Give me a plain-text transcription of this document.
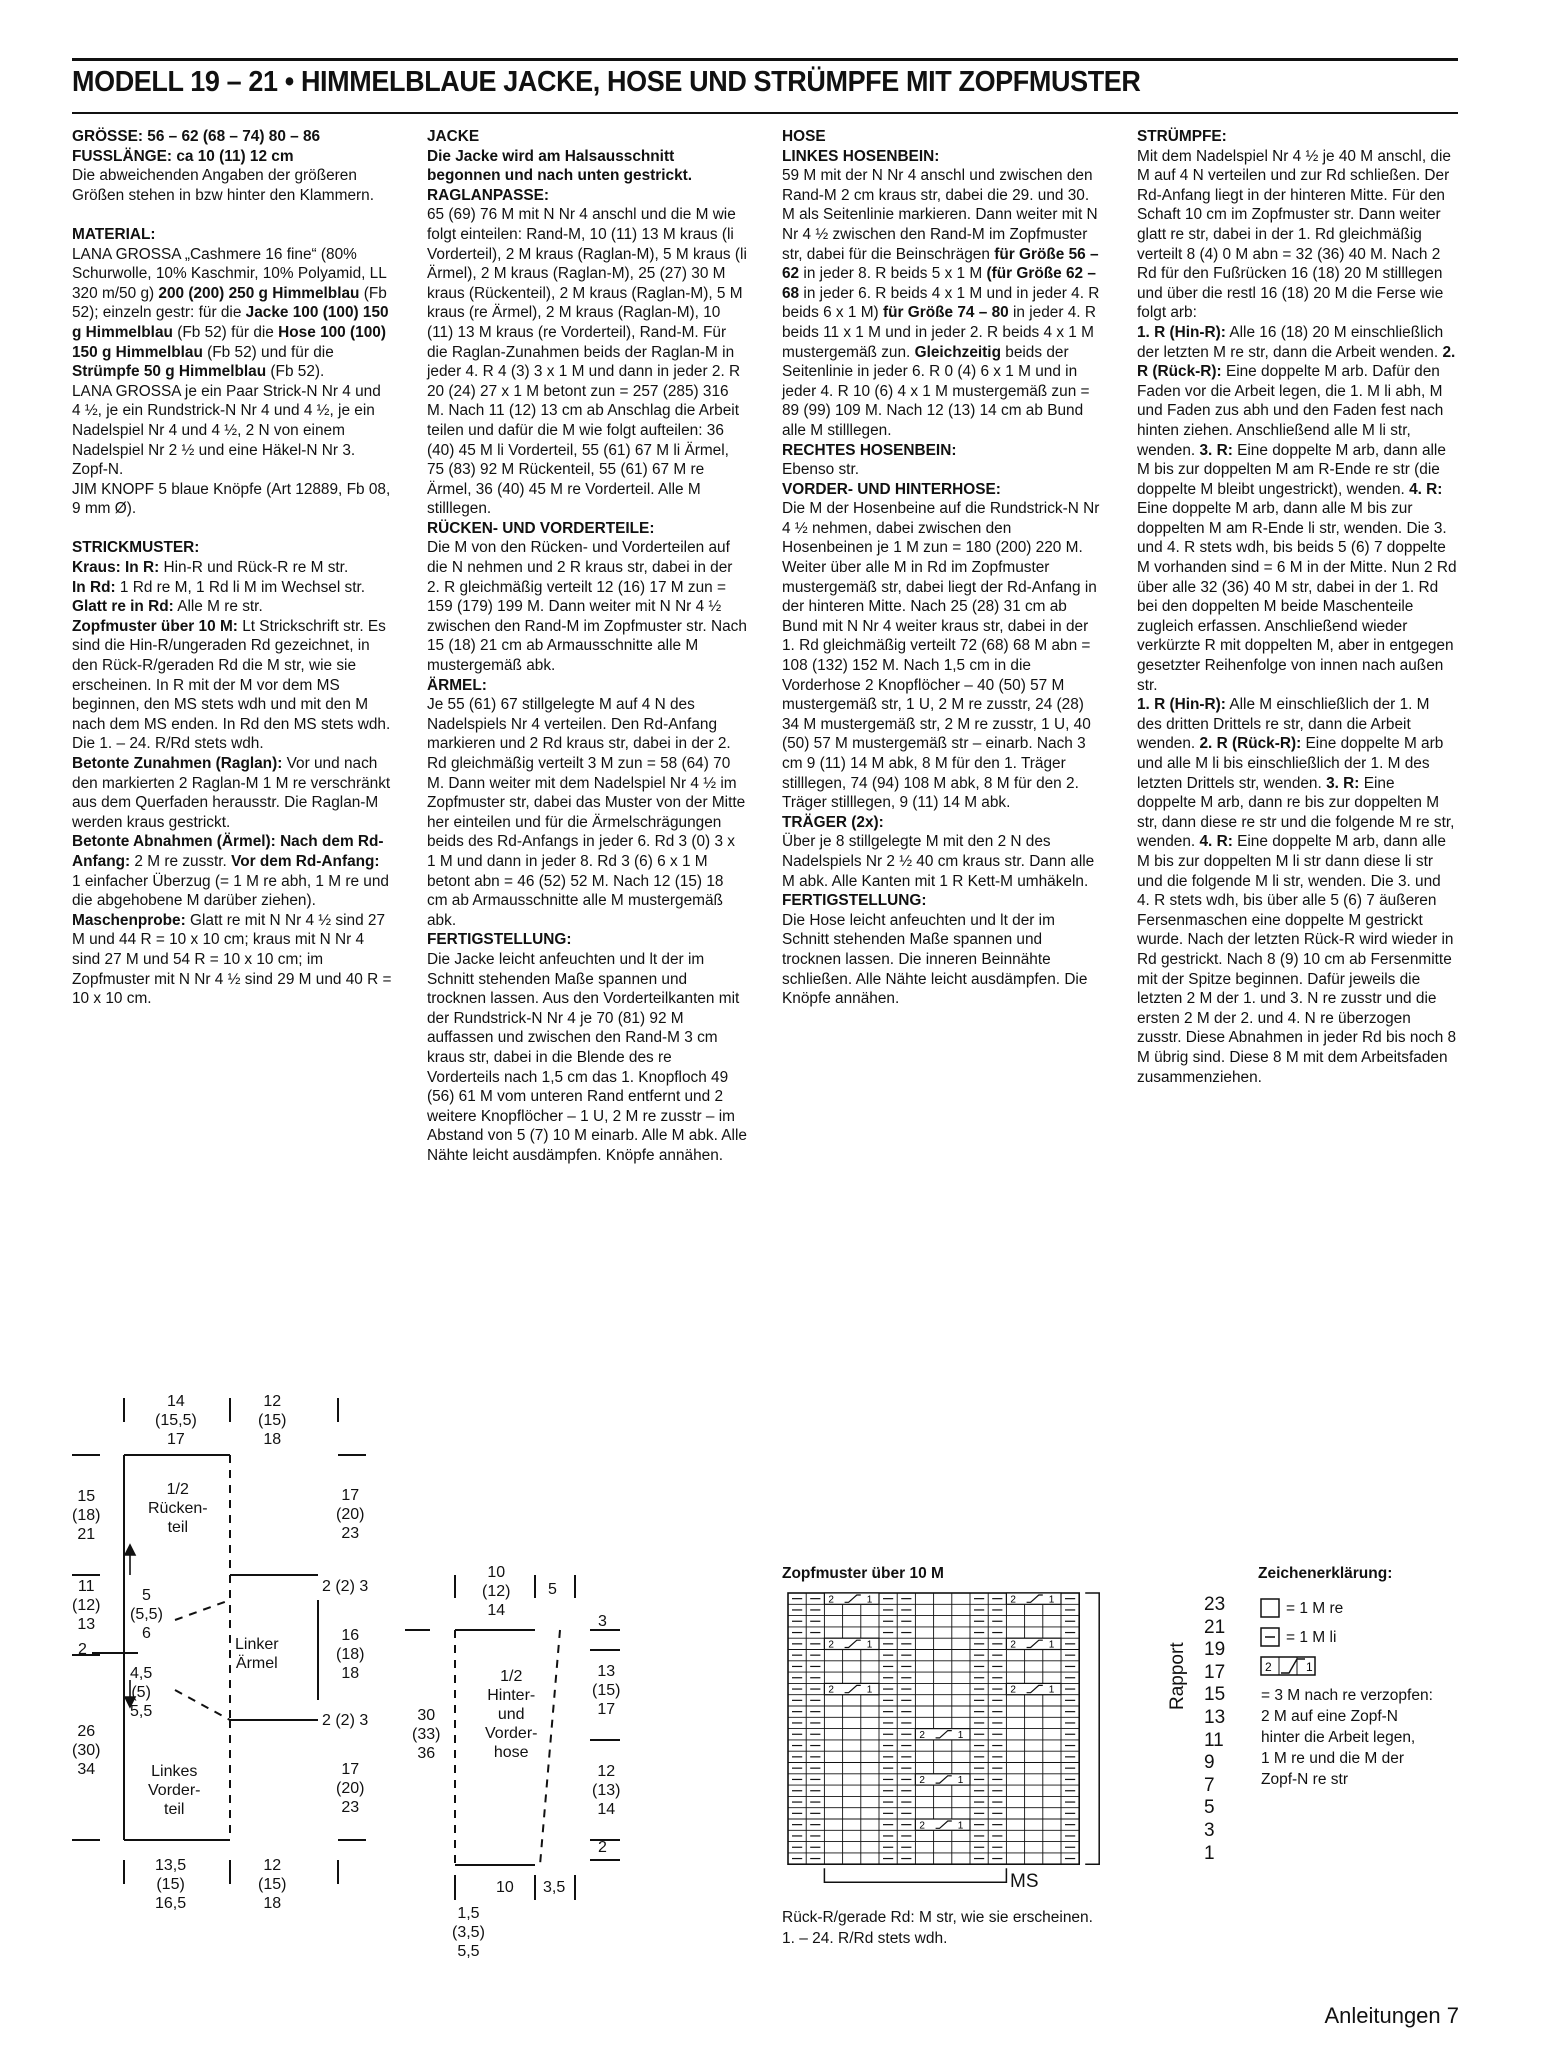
MODELL 19 – 21 • HIMMELBLAUE JACKE, HOSE UND STRÜMPFE MIT ZOPFMUSTER

GRÖSSE: 56 – 62 (68 – 74) 80 – 86

FUSSLÄNGE: ca 10 (11) 12 cm

Die abweichenden Angaben der größeren Größen stehen in bzw hinter den Klammern.

MATERIAL:

LANA GROSSA „Cashmere 16 fine“ (80% Schurwolle, 10% Kaschmir, 10% Polyamid, LL 320 m/50 g) 200 (200) 250 g Himmelblau (Fb 52); einzeln gestr: für die Jacke 100 (100) 150 g Himmelblau (Fb 52) für die Hose 100 (100) 150 g Himmelblau (Fb 52) und für die Strümpfe 50 g Himmelblau (Fb 52).

LANA GROSSA je ein Paar Strick-N Nr 4 und 4 ½, je ein Rundstrick-N Nr 4 und 4 ½, je ein Nadelspiel Nr 4 und 4 ½, 2 N von einem Nadelspiel Nr 2 ½ und eine Häkel-N Nr 3. Zopf-N.

JIM KNOPF 5 blaue Knöpfe (Art 12889, Fb 08, 9 mm Ø).

STRICKMUSTER:

Kraus: In R: Hin-R und Rück-R re M str.

In Rd: 1 Rd re M, 1 Rd li M im Wechsel str.

Glatt re in Rd: Alle M re str.

Zopfmuster über 10 M: Lt Strickschrift str. Es sind die Hin-R/ungeraden Rd gezeichnet, in den Rück-R/geraden Rd die M str, wie sie erscheinen. In R mit der M vor dem MS beginnen, den MS stets wdh und mit den M nach dem MS enden. In Rd den MS stets wdh. Die 1. – 24. R/Rd stets wdh.

Betonte Zunahmen (Raglan): Vor und nach den markierten 2 Raglan-M 1 M re verschränkt aus dem Querfaden herausstr. Die Raglan-M werden kraus gestrickt.

Betonte Abnahmen (Ärmel): Nach dem Rd-Anfang: 2 M re zusstr. Vor dem Rd-Anfang: 1 einfacher Überzug (= 1 M re abh, 1 M re und die abgehobene M darüber ziehen).

Maschenprobe: Glatt re mit N Nr 4 ½ sind 27 M und 44 R = 10 x 10 cm; kraus mit N Nr 4 sind 27 M und 54 R = 10 x 10 cm; im Zopfmuster mit N Nr 4 ½ sind 29 M und 40 R = 10 x 10 cm.

JACKE

Die Jacke wird am Halsausschnitt begonnen und nach unten gestrickt.

RAGLANPASSE:

65 (69) 76 M mit N Nr 4 anschl und die M wie folgt einteilen: Rand-M, 10 (11) 13 M kraus (li Vorderteil), 2 M kraus (Raglan-M), 5 M kraus (li Ärmel), 2 M kraus (Raglan-M), 25 (27) 30 M kraus (Rückenteil), 2 M kraus (Raglan-M), 5 M kraus (re Ärmel), 2 M kraus (Raglan-M), 10 (11) 13 M kraus (re Vorderteil), Rand-M. Für die Raglan-Zunahmen beids der Raglan-M in jeder 4. R 4 (3) 3 x 1 M und dann in jeder 2. R 20 (24) 27 x 1 M betont zun = 257 (285) 316 M. Nach 11 (12) 13 cm ab Anschlag die Arbeit teilen und dafür die M wie folgt aufteilen: 36 (40) 45 M li Vorderteil, 55 (61) 67 M li Ärmel, 75 (83) 92 M Rückenteil, 55 (61) 67 M re Ärmel, 36 (40) 45 M re Vorderteil. Alle M stilllegen.

RÜCKEN- UND VORDERTEILE:

Die M von den Rücken- und Vorderteilen auf die N nehmen und 2 R kraus str, dabei in der 2. R gleichmäßig verteilt 12 (16) 17 M zun = 159 (179) 199 M. Dann weiter mit N Nr 4 ½ zwischen den Rand-M im Zopfmuster str. Nach 15 (18) 21 cm ab Armausschnitte alle M mustergemäß abk.

ÄRMEL:

Je 55 (61) 67 stillgelegte M auf 4 N des Nadelspiels Nr 4 verteilen. Den Rd-Anfang markieren und 2 Rd kraus str, dabei in der 2. Rd gleichmäßig verteilt 3 M zun = 58 (64) 70 M. Dann weiter mit dem Nadelspiel Nr 4 ½ im Zopfmuster str, dabei das Muster von der Mitte her einteilen und für die Ärmelschrägungen beids des Rd-Anfangs in jeder 6. Rd 3 (0) 3 x 1 M und dann in jeder 8. Rd 3 (6) 6 x 1 M betont abn = 46 (52) 52 M. Nach 12 (15) 18 cm ab Armausschnitte alle M mustergemäß abk.

FERTIGSTELLUNG:

Die Jacke leicht anfeuchten und lt der im Schnitt stehenden Maße spannen und trocknen lassen. Aus den Vorderteilkanten mit der Rundstrick-N Nr 4 je 70 (81) 92 M auffassen und zwischen den Rand-M 3 cm kraus str, dabei in die Blende des re Vorderteils nach 1,5 cm das 1. Knopfloch 49 (56) 61 M vom unteren Rand entfernt und 2 weitere Knopflöcher – 1 U, 2 M re zusstr – im Abstand von 5 (7) 10 M einarb. Alle M abk. Alle Nähte leicht ausdämpfen. Knöpfe annähen.

HOSE

LINKES HOSENBEIN:

59 M mit der N Nr 4 anschl und zwischen den Rand-M 2 cm kraus str, dabei die 29. und 30. M als Seitenlinie markieren. Dann weiter mit N Nr 4 ½ zwischen den Rand-M im Zopfmuster str, dabei für die Beinschrägen für Größe 56 – 62 in jeder 8. R beids 5 x 1 M (für Größe 62 – 68 in jeder 6. R beids 4 x 1 M und in jeder 4. R beids 6 x 1 M) für Größe 74 – 80 in jeder 4. R beids 11 x 1 M und in jeder 2. R beids 4 x 1 M mustergemäß zun. Gleichzeitig beids der Seitenlinie in jeder 6. R 0 (4) 6 x 1 M und in jeder 4. R 10 (6) 4 x 1 M mustergemäß zun = 89 (99) 109 M. Nach 12 (13) 14 cm ab Bund alle M stilllegen.

RECHTES HOSENBEIN:

Ebenso str.

VORDER- UND HINTERHOSE:

Die M der Hosenbeine auf die Rundstrick-N Nr 4 ½ nehmen, dabei zwischen den Hosenbeinen je 1 M zun = 180 (200) 220 M. Weiter über alle M in Rd im Zopfmuster mustergemäß str, dabei liegt der Rd-Anfang in der hinteren Mitte. Nach 25 (28) 31 cm ab Bund mit N Nr 4 weiter kraus str, dabei in der 1. Rd gleichmäßig verteilt 72 (68) 68 M abn = 108 (132) 152 M. Nach 1,5 cm in die Vorderhose 2 Knopflöcher – 40 (50) 57 M mustergemäß str, 1 U, 2 M re zusstr, 24 (28) 34 M mustergemäß str, 2 M re zusstr, 1 U, 40 (50) 57 M mustergemäß str – einarb. Nach 3 cm 9 (11) 14 M abk, 8 M für den 1. Träger stilllegen, 74 (94) 108 M abk, 8 M für den 2. Träger stilllegen, 9 (11) 14 M abk.

TRÄGER (2x):

Über je 8 stillgelegte M mit den 2 N des Nadelspiels Nr 2 ½ 40 cm kraus str. Dann alle M abk. Alle Kanten mit 1 R Kett-M umhäkeln.

FERTIGSTELLUNG:

Die Hose leicht anfeuchten und lt der im Schnitt stehenden Maße spannen und trocknen lassen. Die inneren Beinnähte schließen. Alle Nähte leicht ausdämpfen. Die Knöpfe annähen.

STRÜMPFE:

Mit dem Nadelspiel Nr 4 ½ je 40 M anschl, die M auf 4 N verteilen und zur Rd schließen. Der Rd-Anfang liegt in der hinteren Mitte. Für den Schaft 10 cm im Zopfmuster str. Dann weiter glatt re str, dabei in der 1. Rd gleichmäßig verteilt 8 (4) 0 M abn = 32 (36) 40 M. Nach 2 Rd für den Fußrücken 16 (18) 20 M stilllegen und über die restl 16 (18) 20 M die Ferse wie folgt arb:

1. R (Hin-R): Alle 16 (18) 20 M einschließlich der letzten M re str, dann die Arbeit wenden. 2. R (Rück-R): Eine doppelte M arb. Dafür den Faden vor die Arbeit legen, die 1. M li abh, M und Faden zus abh und den Faden fest nach hinten ziehen. Anschließend alle M li str, wenden. 3. R: Eine doppelte M arb, dann alle M bis zur doppelten M am R-Ende re str (die doppelte M bleibt ungestrickt), wenden. 4. R: Eine doppelte M arb, dann alle M bis zur doppelten M am R-Ende li str, wenden. Die 3. und 4. R stets wdh, bis beids 5 (6) 7 doppelte M vorhanden sind = 6 M in der Mitte. Nun 2 Rd über alle 32 (36) 40 M str, dabei in der 1. Rd bei den doppelten M beide Maschenteile zugleich erfassen. Anschließend wieder verkürzte R mit doppelten M, aber in entgegen gesetzter Reihenfolge von innen nach außen str.

1. R (Hin-R): Alle M einschließlich der 1. M des dritten Drittels re str, dann die Arbeit wenden. 2. R (Rück-R): Eine doppelte M arb und alle M li bis einschließlich der 1. M des letzten Drittels str, wenden. 3. R: Eine doppelte M arb, dann re bis zur doppelten M str, dann diese re str und die folgende M re str, wenden. 4. R: Eine doppelte M arb, dann alle M bis zur doppelten M li str dann diese li str und die folgende M li str, wenden. Die 3. und 4. R stets wdh, bis über alle 5 (6) 7 äußeren Fersenmaschen eine doppelte M gestrickt wurde. Nach der letzten Rück-R wird wieder in Rd gestrickt. Nach 8 (9) 10 cm ab Fersenmitte mit der Spitze beginnen. Dafür jeweils die letzten 2 M der 1. und 3. N re zusstr und die ersten 2 M der 2. und 4. N re überzogen zusstr. Diese Abnahmen in jeder Rd bis noch 8 M übrig sind. Diese 8 M mit dem Arbeitsfaden zusammenziehen.

14
(15,5)
17
12
(15)
18
15
(18)
21
11
(12)
13
2
26
(30)
34
1/2
Rücken-
teil
17
(20)
23
2 (2) 3
Linker
Ärmel
16
(18)
18
2 (2) 3
17
(20)
23
5
(5,5)
6
4,5
(5)
5,5
Linkes
Vorder-
teil
13,5
(15)
16,5
12
(15)
18
10
(12)
14
5
3
30
(33)
36
1/2
Hinter-
und
Vorder-
hose
13
(15)
17
12
(13)
14
2
10 3,5
1,5
(3,5)
5,5
Zopfmuster über 10 M
2	1	2	1
2	1	2	1
2	1	2	1
2	1
2	1
2	1
23
21
19
17
15
13
11
9
7
5
3
1
Rapport
MS
Rück-R/gerade Rd: M str, wie sie erscheinen.
1. – 24. R/Rd stets wdh.
Zeichenerklärung:
2	1
= 1 M re
= 1 M li
= 3 M nach re verzopfen:
2 M auf eine Zopf-N
hinter die Arbeit legen,
1 M re und die M der
Zopf-N re str
Anleitungen 7
